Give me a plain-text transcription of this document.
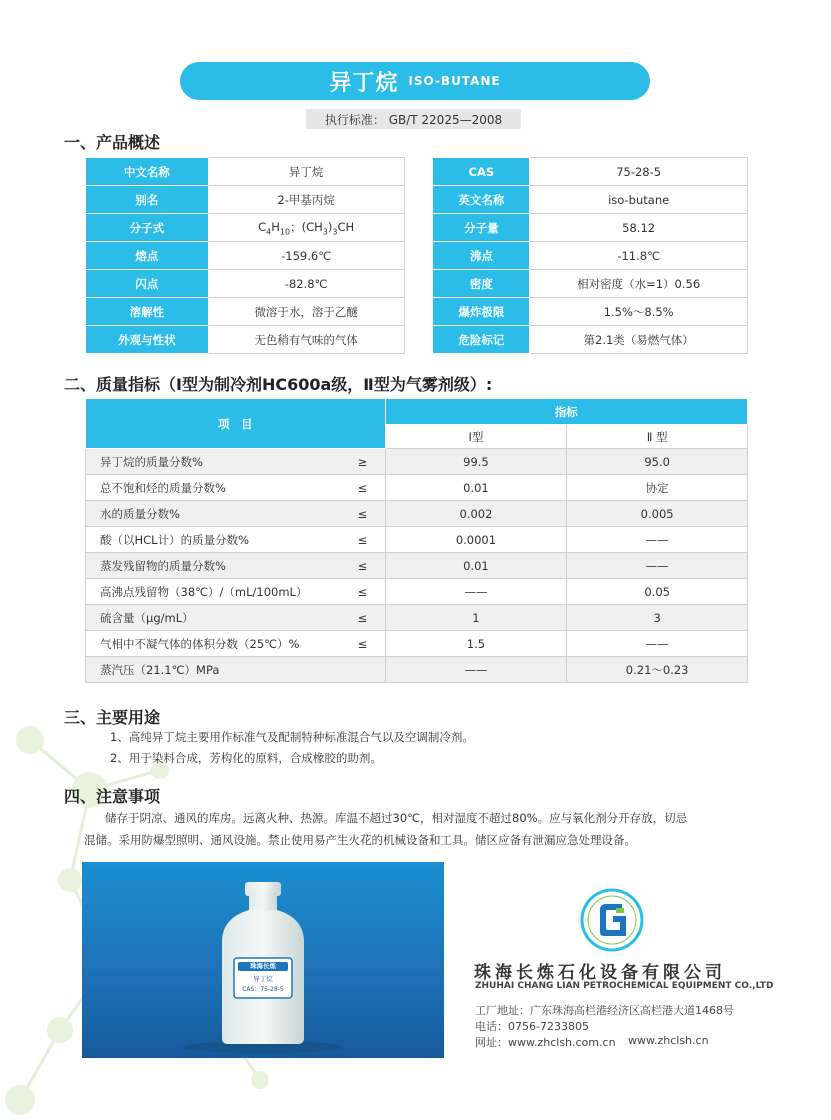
异丁烷 ISO-BUTANE
执行标准： GB/T 22025—2008
一、产品概述
中文名称	异丁烷		CAS	75-28-5
别名	2-甲基丙烷		英文名称	iso-butane
分子式	$C_4H_{10}$；$(CH_3)_3CH$		分子量	58.12
熔点	-159.6℃		沸点	-11.8℃
闪点	-82.8℃		密度	相对密度（水=1）0.56
溶解性	微溶于水，溶于乙醚		爆炸极限	1.5%～8.5%
外观与性状	无色稍有气味的气体		危险标记	第2.1类（易燃气体）
二、质量指标（Ⅰ型为制冷剂HC600a级，Ⅱ型为气雾剂级）:
项　目		指标	
		Ⅰ型	Ⅱ 型
异丁烷的质量分数%	≥	99.5	95.0
总不饱和烃的质量分数%	≤	0.01	协定
水的质量分数%	≤	0.002	0.005
酸（以HCL计）的质量分数%	≤	0.0001	——
蒸发残留物的质量分数%	≤	0.01	——
高沸点残留物（38℃）/（mL/100mL）	≤	——	0.05
硫含量（μg/mL）	≤	1	3
气相中不凝气体的体积分数（25℃）%	≤	1.5	——
蒸汽压（21.1℃）MPa		——	0.21～0.23
三、主要用途
1、高纯异丁烷主要用作标准气及配制特种标准混合气以及空调制冷剂。
2、用于染料合成，芳构化的原料，合成橡胶的助剂。
四、注意事项
储存于阴凉、通风的库房。远离火种、热源。库温不超过30℃，相对湿度不超过80%。应与氧化剂分开存放，切忌
混储。采用防爆型照明、通风设施。禁止使用易产生火花的机械设备和工具。储区应备有泄漏应急处理设备。
珠海长炼
异丁烷
CAS：75-28-5
珠海长炼石化设备有限公司
ZHUHAI CHANG LIAN PETROCHEMICAL EQUIPMENT CO.,LTD
工厂地址：广东珠海高栏港经济区高栏港大道1468号
电话：0756-7233805
网址：www.zhclsh.com.cn www.zhclsh.cn
